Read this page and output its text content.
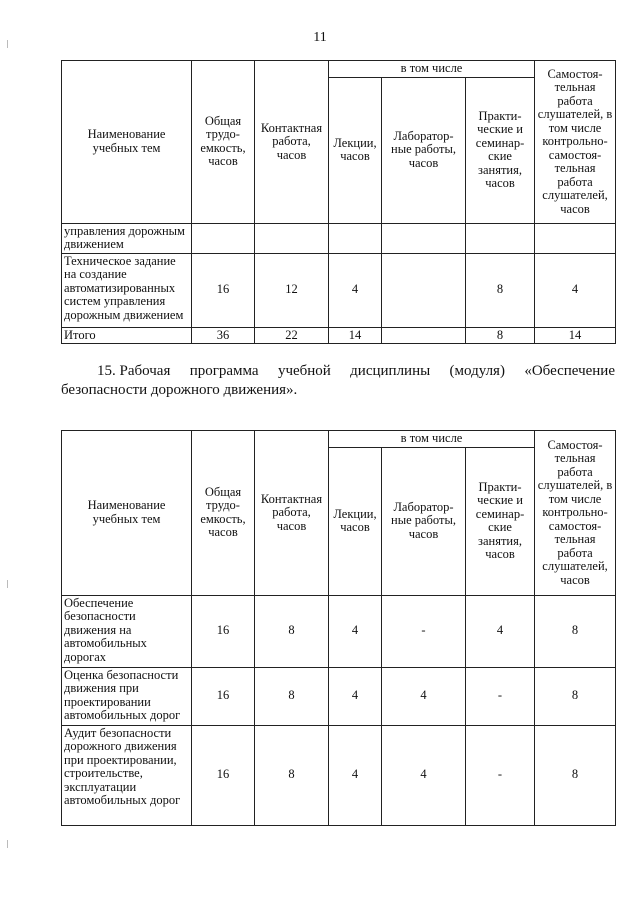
11
Наименование учебных тем	Общая трудо-емкость, часов	Контактная работа, часов	в том числе			Самостоя-тельная работа слушателей, в том числе контрольно-самостоя-тельная работа слушателей, часов
			Лекции, часов	Лаборатор-ные работы, часов	Практи-ческие и семинар-ские занятия, часов	
управления дорожным движением						
Техническое задание на создание автоматизированных систем управления дорожным движением	16	12	4		8	4
Итого	36	22	14		8	14
15. Рабочая программа учебной дисциплины (модуля) «Обеспечение
безопасности дорожного движения».
Наименование учебных тем	Общая трудо-емкость, часов	Контактная работа, часов	в том числе			Самостоя-тельная работа слушателей, в том числе контрольно-самостоя-тельная работа слушателей, часов
			Лекции, часов	Лаборатор-ные работы, часов	Практи-ческие и семинар-ские занятия, часов	
Обеспечение безопасности движения на автомобильных дорогах	16	8	4	-	4	8
Оценка безопасности движения при проектировании автомобильных дорог	16	8	4	4	-	8
Аудит безопасности дорожного движения при проектировании, строительстве, эксплуатации автомобильных дорог	16	8	4	4	-	8
